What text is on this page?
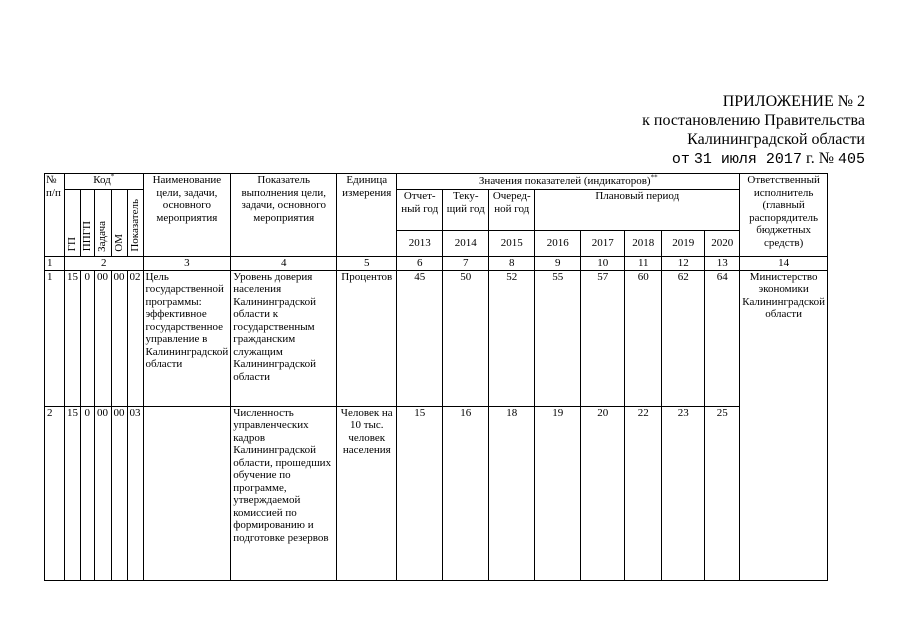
ПРИЛОЖЕНИЕ № 2
к постановлению Правительства
Калининградской области
от 31 июля 2017 г. № 405
№ п/п	Код*					Наименование цели, задачи, основного мероприятия	Показатель выполнения цели, задачи, основного мероприятия	Единица измерения	Значения показателей (индикаторов)**								Ответственный исполнитель (главный распорядитель бюджетных средств)
	ГП	ППГП	Задача	ОМ	Показатель				Отчет-ный год	Теку-щий год	Очеред-ной год	Плановый период					
									2013	2014	2015	2016	2017	2018	2019	2020	
1	2					3	4	5	6	7	8	9	10	11	12	13	14
1	15	0	00	00	02	Цель государственной программы: эффективное государственное управление в Калининградской области	Уровень доверия населения Калининградской области к государственным гражданским служащим Калининградской области	Процентов	45	50	52	55	57	60	62	64	Министерство экономики Калининградской области
2	15	0	00	00	03		Численность управленческих кадров Калининградской области, прошедших обучение по программе, утверждаемой комиссией по формированию и подготовке резервов	Человек на 10 тыс. человек населения	15	16	18	19	20	22	23	25	
